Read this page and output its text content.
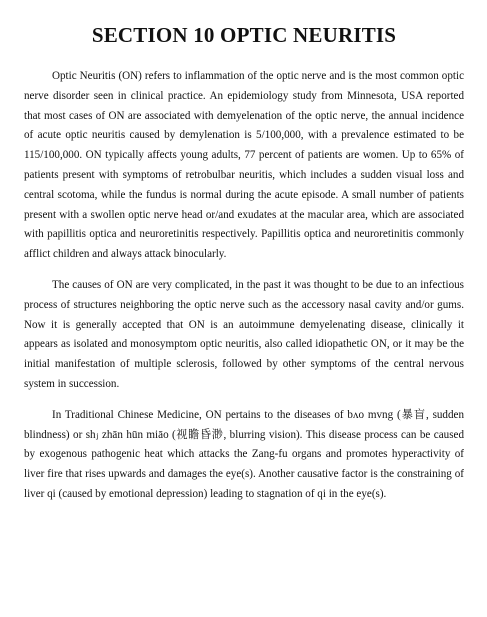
SECTION 10 OPTIC NEURITIS

Optic Neuritis (ON) refers to inflammation of the optic nerve and is the most common optic nerve disorder seen in clinical practice. An epidemiology study from Minnesota, USA reported that most cases of ON are associated with demyelenation of the optic nerve, the annual incidence of acute optic neuritis caused by demylenation is 5/100,000, with a prevalence estimated to be 115/100,000. ON typically affects young adults, 77 percent of patients are women. Up to 65% of patients present with symptoms of retrobulbar neuritis, which includes a sudden visual loss and central scotoma, while the fundus is normal during the acute episode. A small number of patients present with a swollen optic nerve head or/and exudates at the macular area, which are associated with papillitis optica and neuroretinitis respectively. Papillitis optica and neuroretinitis commonly afflict children and always attack binocularly.

The causes of ON are very complicated, in the past it was thought to be due to an infectious process of structures neighboring the optic nerve such as the accessory nasal cavity and/or gums. Now it is generally accepted that ON is an autoimmune demyelenating disease, clinically it appears as isolated and monosymptom optic neuritis, also called idiopathetic ON, or it may be the initial manifestation of multiple sclerosis, followed by other symptoms of the central nervous system in succession.

In Traditional Chinese Medicine, ON pertains to the diseases of bʌo mvng (暴盲, sudden blindness) or shⱼ zhān hūn miāo (视瞻昏渺, blurring vision). This disease process can be caused by exogenous pathogenic heat which attacks the Zang-fu organs and promotes hyperactivity of liver fire that rises upwards and damages the eye(s). Another causative factor is the constraining of liver qi (caused by emotional depression) leading to stagnation of qi in the eye(s).
